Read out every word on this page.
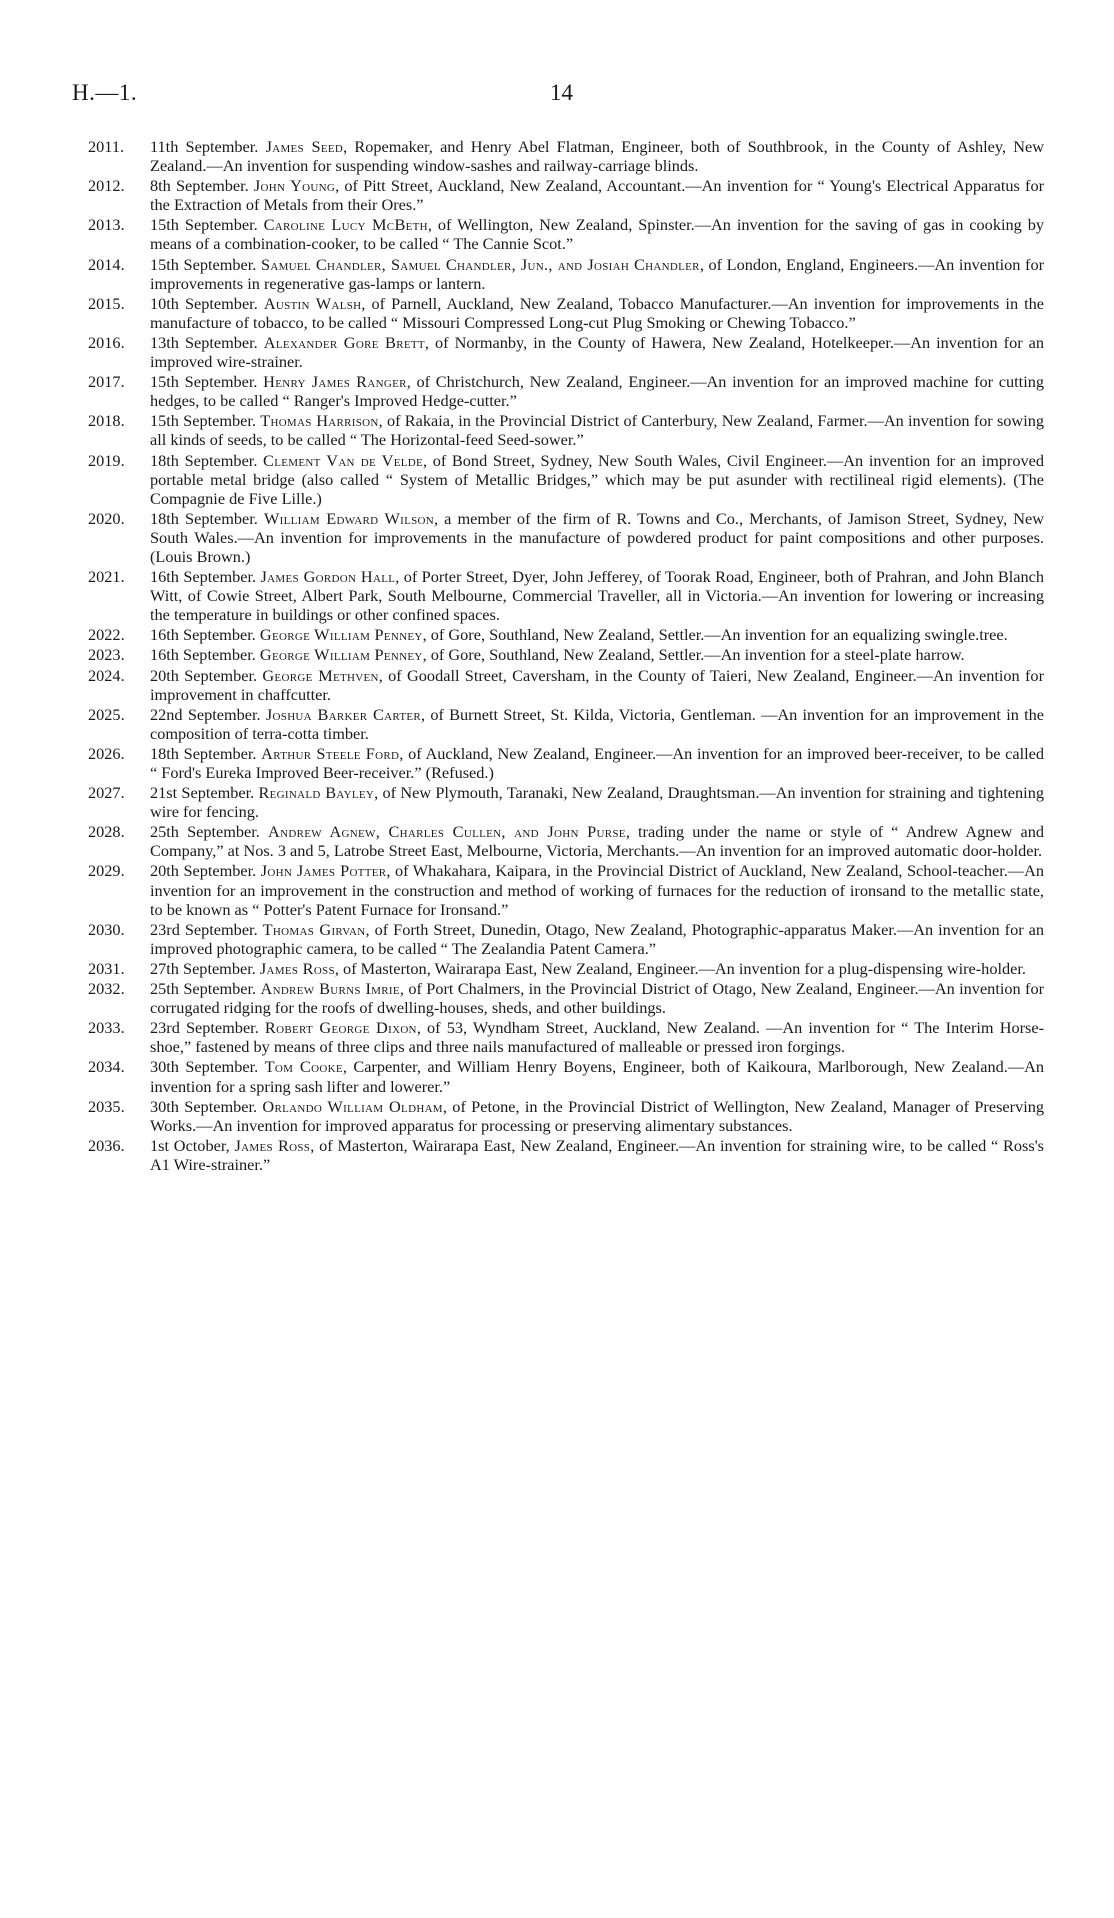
H.—1.	14
2011. 11th September. James Seed, Ropemaker, and Henry Abel Flatman, Engineer, both of Southbrook, in the County of Ashley, New Zealand.—An invention for suspending window-sashes and railway-carriage blinds.
2012. 8th September. John Young, of Pitt Street, Auckland, New Zealand, Accountant.—An invention for “ Young's Electrical Apparatus for the Extraction of Metals from their Ores.”
2013. 15th September. Caroline Lucy McBeth, of Wellington, New Zealand, Spinster.—An invention for the saving of gas in cooking by means of a combination-cooker, to be called “ The Cannie Scot.”
2014. 15th September. Samuel Chandler, Samuel Chandler, Jun., and Josiah Chandler, of London, England, Engineers.—An invention for improvements in regenerative gas-lamps or lantern.
2015. 10th September. Austin Walsh, of Parnell, Auckland, New Zealand, Tobacco Manufacturer.—An invention for improvements in the manufacture of tobacco, to be called “ Missouri Compressed Long-cut Plug Smoking or Chewing Tobacco.”
2016. 13th September. Alexander Gore Brett, of Normanby, in the County of Hawera, New Zealand, Hotelkeeper.—An invention for an improved wire-strainer.
2017. 15th September. Henry James Ranger, of Christchurch, New Zealand, Engineer.—An invention for an improved machine for cutting hedges, to be called “ Ranger's Improved Hedge-cutter.”
2018. 15th September. Thomas Harrison, of Rakaia, in the Provincial District of Canterbury, New Zealand, Farmer.—An invention for sowing all kinds of seeds, to be called “ The Horizontal-feed Seed-sower.”
2019. 18th September. Clement Van de Velde, of Bond Street, Sydney, New South Wales, Civil Engineer.—An invention for an improved portable metal bridge (also called “ System of Metallic Bridges,” which may be put asunder with rectilineal rigid elements). (The Compagnie de Five Lille.)
2020. 18th September. William Edward Wilson, a member of the firm of R. Towns and Co., Merchants, of Jamison Street, Sydney, New South Wales.—An invention for improvements in the manufacture of powdered product for paint compositions and other purposes. (Louis Brown.)
2021. 16th September. James Gordon Hall, of Porter Street, Dyer, John Jefferey, of Toorak Road, Engineer, both of Prahran, and John Blanch Witt, of Cowie Street, Albert Park, South Melbourne, Commercial Traveller, all in Victoria.—An invention for lowering or increasing the temperature in buildings or other confined spaces.
2022. 16th September. George William Penney, of Gore, Southland, New Zealand, Settler.—An invention for an equalizing swingle.tree.
2023. 16th September. George William Penney, of Gore, Southland, New Zealand, Settler.—An invention for a steel-plate harrow.
2024. 20th September. George Methven, of Goodall Street, Caversham, in the County of Taieri, New Zealand, Engineer.—An invention for improvement in chaffcutter.
2025. 22nd September. Joshua Barker Carter, of Burnett Street, St. Kilda, Victoria, Gentleman. —An invention for an improvement in the composition of terra-cotta timber.
2026. 18th September. Arthur Steele Ford, of Auckland, New Zealand, Engineer.—An invention for an improved beer-receiver, to be called “ Ford's Eureka Improved Beer-receiver.” (Refused.)
2027. 21st September. Reginald Bayley, of New Plymouth, Taranaki, New Zealand, Draughtsman.—An invention for straining and tightening wire for fencing.
2028. 25th September. Andrew Agnew, Charles Cullen, and John Purse, trading under the name or style of “ Andrew Agnew and Company,” at Nos. 3 and 5, Latrobe Street East, Melbourne, Victoria, Merchants.—An invention for an improved automatic door-holder.
2029. 20th September. John James Potter, of Whakahara, Kaipara, in the Provincial District of Auckland, New Zealand, School-teacher.—An invention for an improvement in the construction and method of working of furnaces for the reduction of ironsand to the metallic state, to be known as “ Potter's Patent Furnace for Ironsand.”
2030. 23rd September. Thomas Girvan, of Forth Street, Dunedin, Otago, New Zealand, Photographic-apparatus Maker.—An invention for an improved photographic camera, to be called “ The Zealandia Patent Camera.”
2031. 27th September. James Ross, of Masterton, Wairarapa East, New Zealand, Engineer.—An invention for a plug-dispensing wire-holder.
2032. 25th September. Andrew Burns Imrie, of Port Chalmers, in the Provincial District of Otago, New Zealand, Engineer.—An invention for corrugated ridging for the roofs of dwelling-houses, sheds, and other buildings.
2033. 23rd September. Robert George Dixon, of 53, Wyndham Street, Auckland, New Zealand. —An invention for “ The Interim Horse-shoe,” fastened by means of three clips and three nails manufactured of malleable or pressed iron forgings.
2034. 30th September. Tom Cooke, Carpenter, and William Henry Boyens, Engineer, both of Kaikoura, Marlborough, New Zealand.—An invention for a spring sash lifter and lowerer.”
2035. 30th September. Orlando William Oldham, of Petone, in the Provincial District of Wellington, New Zealand, Manager of Preserving Works.—An invention for improved apparatus for processing or preserving alimentary substances.
2036. 1st October, James Ross, of Masterton, Wairarapa East, New Zealand, Engineer.—An invention for straining wire, to be called “ Ross's A1 Wire-strainer.”
